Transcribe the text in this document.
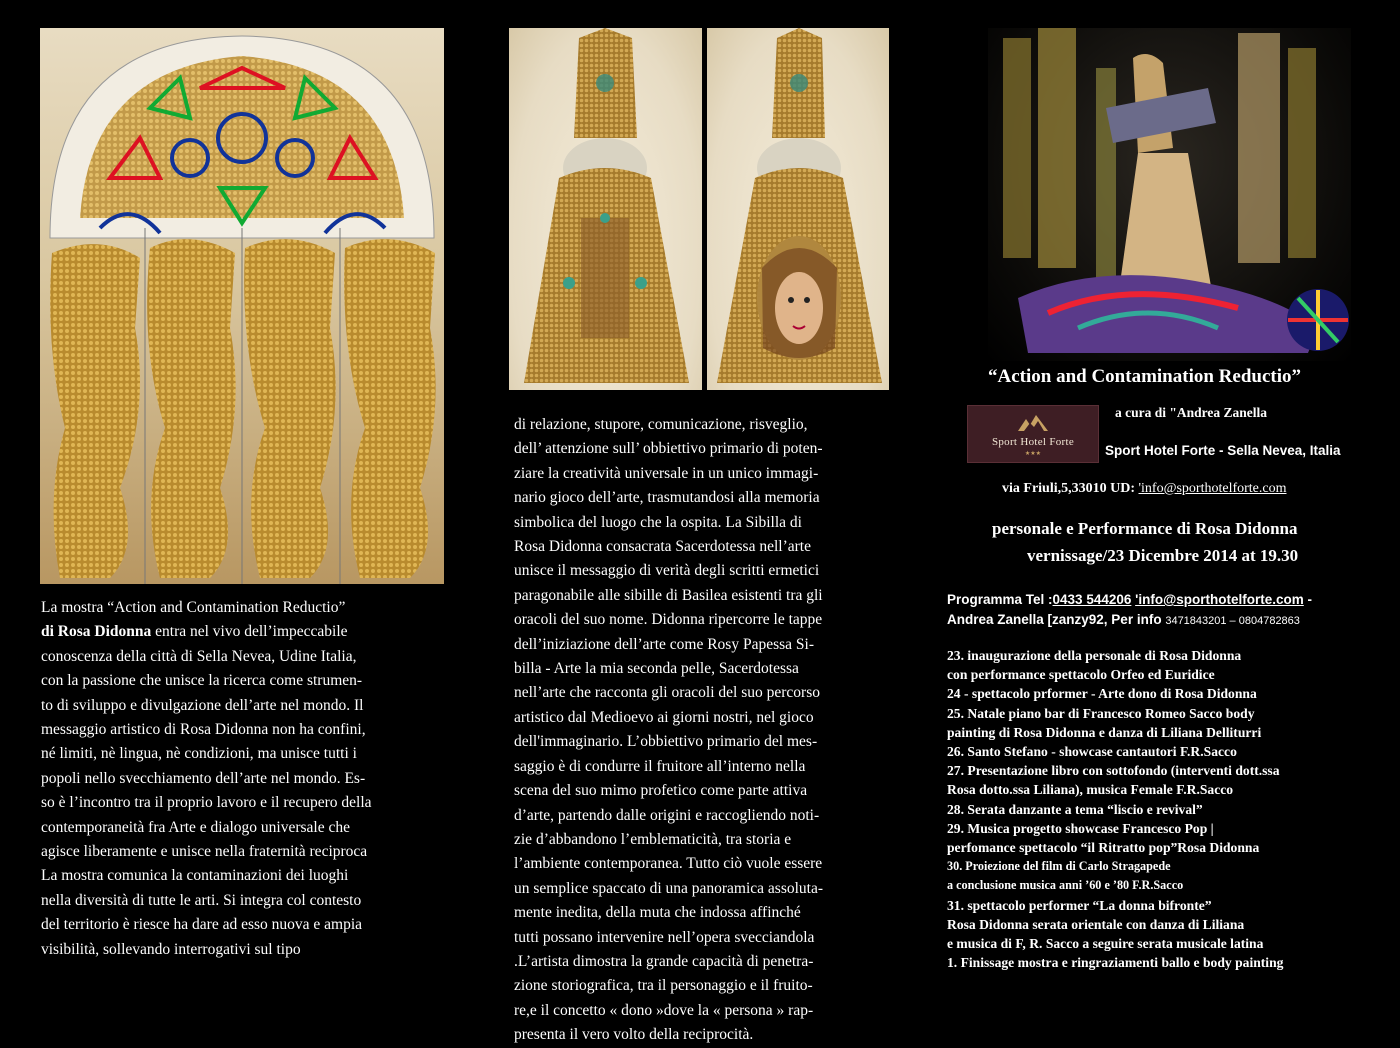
La mostra “Action and Contamination Reductio”

di Rosa Didonna entra nel vivo dell’impeccabile

conoscenza della città di Sella Nevea, Udine Italia,

con la passione che unisce la ricerca come strumen-

to di sviluppo e divulgazione dell’arte nel mondo. Il

messaggio artistico di Rosa Didonna non ha confini,

né limiti, nè lingua, nè condizioni, ma unisce tutti i

popoli nello svecchiamento dell’arte nel mondo. Es-

so è l’incontro tra il proprio lavoro e il recupero della

contemporaneità fra Arte e dialogo universale che

agisce liberamente e unisce nella fraternità reciproca

La mostra comunica la contaminazioni dei luoghi

nella diversità di tutte le arti. Si integra col contesto

del territorio è riesce ha dare ad esso nuova e ampia

visibilità, sollevando interrogativi sul tipo

di relazione, stupore, comunicazione, risveglio,

dell’ attenzione sull’ obbiettivo primario di poten-

ziare la creatività universale in un unico immagi-

nario gioco dell’arte, trasmutandosi alla memoria

simbolica del luogo che la ospita. La Sibilla di

Rosa Didonna consacrata Sacerdotessa nell’arte

unisce il messaggio di verità degli scritti ermetici

paragonabile alle sibille di Basilea esistenti tra gli

oracoli del suo nome. Didonna ripercorre le tappe

dell’iniziazione dell’arte come Rosy Papessa Si-

billa - Arte la mia seconda pelle, Sacerdotessa

nell’arte che racconta gli oracoli del suo percorso

artistico dal Medioevo ai giorni nostri, nel gioco

dell'immaginario. L’obbiettivo primario del mes-

saggio è di condurre il fruitore all’interno nella

scena del suo mimo profetico come parte attiva

d’arte, partendo dalle origini e raccogliendo noti-

zie d’abbandono l’emblematicità, tra storia e

l’ambiente contemporanea. Tutto ciò vuole essere

un semplice spaccato di una panoramica assoluta-

mente inedita, della muta che indossa affinché

tutti possano intervenire nell’opera svecciandola

.L’artista dimostra la grande capacità di penetra-

zione storiografica, tra il personaggio e il fruito-

re,e il concetto « dono »dove la « persona » rap-

presenta il vero volto della reciprocità.

“Action and Contamination Reductio”
Sport Hotel Forte
★★★
a cura di "Andrea Zanella
Sport Hotel Forte - Sella Nevea, Italia
via Friuli,5,33010 UD: 'info@sporthotelforte.com
personale e Performance di Rosa Didonna
vernissage/23 Dicembre 2014 at 19.30
Programma Tel :0433 544206 'info@sporthotelforte.com -
Andrea Zanella [zanzy92, Per info 3471843201 – 0804782863
23. inaugurazione della personale di Rosa Didonna
con performance spettacolo Orfeo ed Euridice
24 - spettacolo prformer - Arte dono di Rosa Didonna
25. Natale piano bar di Francesco Romeo Sacco body
painting di Rosa Didonna e danza di Liliana Delliturri
26. Santo Stefano - showcase cantautori F.R.Sacco
27. Presentazione libro con sottofondo (interventi dott.ssa
Rosa dotto.ssa Liliana), musica Female F.R.Sacco
28. Serata danzante a tema “liscio e revival”
29. Musica progetto showcase Francesco Pop |
perfomance spettacolo “il Ritratto pop”Rosa Didonna
30. Proiezione del film di Carlo Stragapede
a conclusione musica anni ’60 e ’80 F.R.Sacco
31. spettacolo performer “La donna bifronte”
Rosa Didonna serata orientale con danza di Liliana
e musica di F, R. Sacco a seguire serata musicale latina
1. Finissage mostra e ringraziamenti ballo e body painting
